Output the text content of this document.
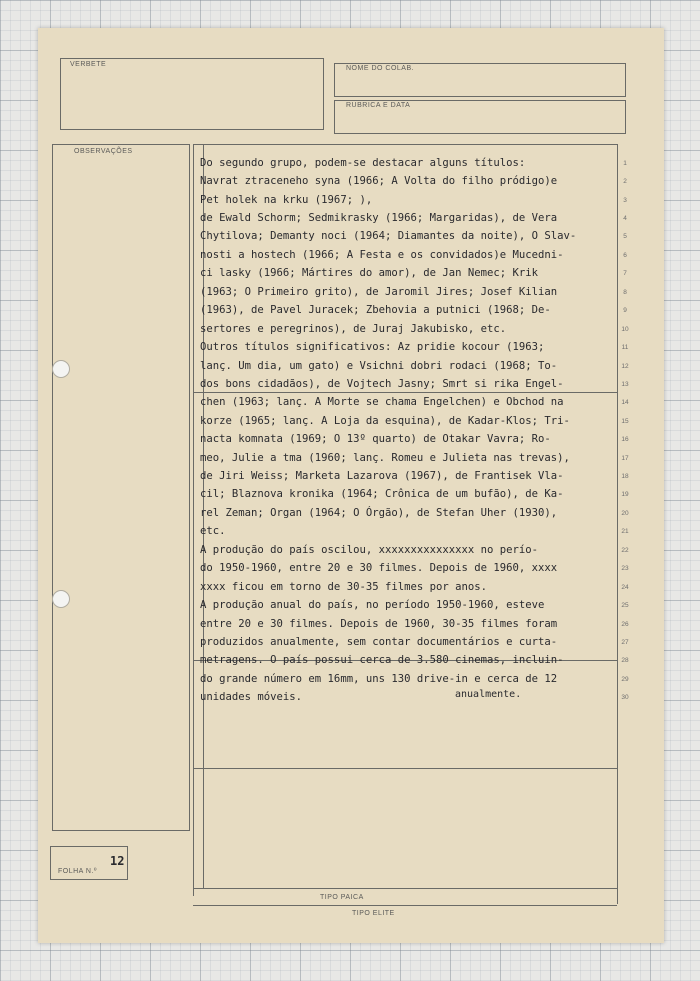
VERBETE
NOME DO COLAB.
RUBRICA E DATA
OBSERVAÇÕES
FOLHA N.º
12
TIPO PAICA
TIPO ELITE
Do segundo grupo, podem-se destacar alguns títulos:
Navrat ztraceneho syna (1966; A Volta do filho pródigo)e
Pet holek na krku (1967; ),
de Ewald Schorm; Sedmikrasky (1966; Margaridas), de Vera
Chytilova; Demanty noci (1964; Diamantes da noite), O Slav-
nosti a hostech (1966; A Festa e os convidados)e Mucedni-
ci lasky (1966; Mártires do amor), de Jan Nemec; Krik
(1963; O Primeiro grito), de Jaromil Jires; Josef Kilian
(1963), de Pavel Juracek; Zbehovia a putnici (1968; De-
sertores e peregrinos), de Juraj Jakubisko, etc.
Outros títulos significativos: Az pridie kocour (1963;
lanç. Um dia, um gato) e Vsichni dobri rodaci (1968; To-
dos bons cidadãos), de Vojtech Jasny; Smrt si rika Engel-
chen (1963; lanç. A Morte se chama Engelchen) e Obchod na
korze (1965; lanç. A Loja da esquina), de Kadar-Klos; Tri-
nacta komnata (1969; O 13º quarto) de Otakar Vavra; Ro-
meo, Julie a tma (1960; lanç. Romeu e Julieta nas trevas),
de Jiri Weiss; Marketa Lazarova (1967), de Frantisek Vla-
cil; Blaznova kronika (1964; Crônica de um bufão), de Ka-
rel Zeman; Organ (1964; O Órgão), de Stefan Uher (1930),
etc.
A produção do país oscilou, xxxxxxxxxxxxxxx no perío-
do 1950-1960, entre 20 e 30 filmes. Depois de 1960, xxxx
xxxx ficou em torno de 30-35 filmes por anos.
A produção anual do país, no período 1950-1960, esteve
entre 20 e 30 filmes. Depois de 1960, 30-35 filmes foram
produzidos anualmente, sem contar documentários e curta-
metragens. O país possui cerca de 3.580 cinemas, incluin-
do grande número em 16mm, uns 130 drive-in e cerca de 12
unidades móveis.	anualmente.
1
2
3
4
5
6
7
8
9
10
11
12
13
14
15
16
17
18
19
20
21
22
23
24
25
26
27
28
29
30
